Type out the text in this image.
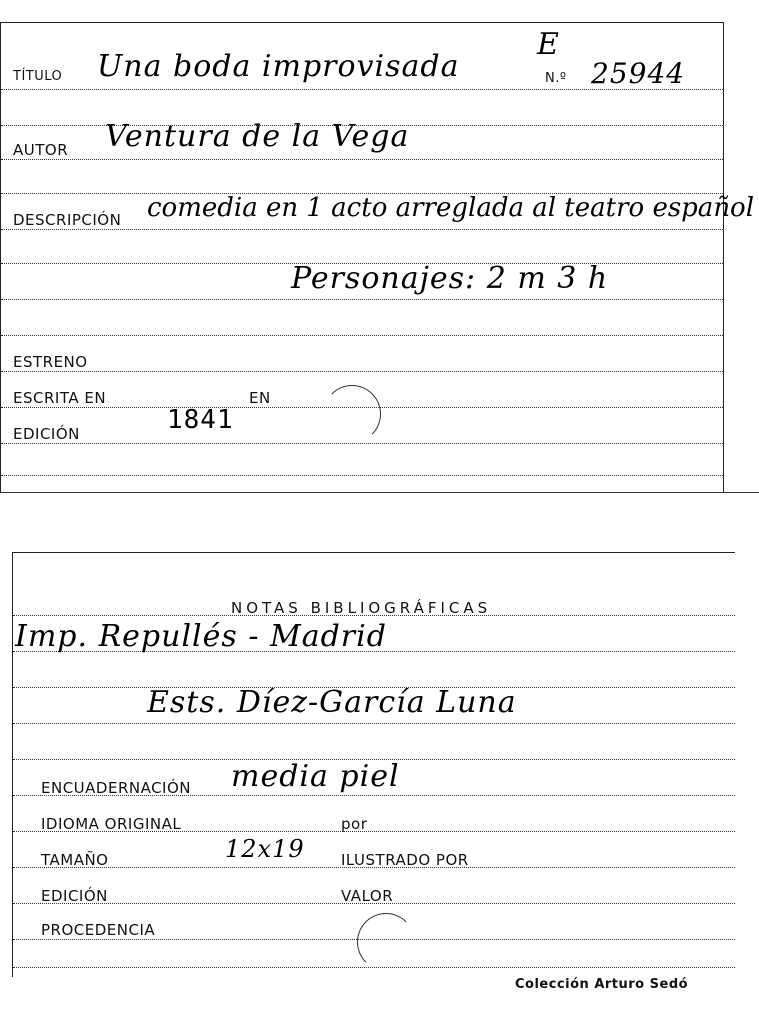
TÍTULO Una boda improvisada
E
N.º 25944
AUTOR Ventura de la Vega
DESCRIPCIÓN comedia en 1 acto arreglada al teatro español
Personajes: 2 m 3 h
ESTRENO
ESCRITA EN	EN
EDICIÓN	1841
NOTAS BIBLIOGRÁFICAS
Imp. Repullés - Madrid
Ests. Díez-García Luna
ENCUADERNACIÓN media piel
IDIOMA ORIGINAL	por
TAMAÑO	12x19 ILUSTRADO POR
EDICIÓN	VALOR
PROCEDENCIA
Colección Arturo Sedó
